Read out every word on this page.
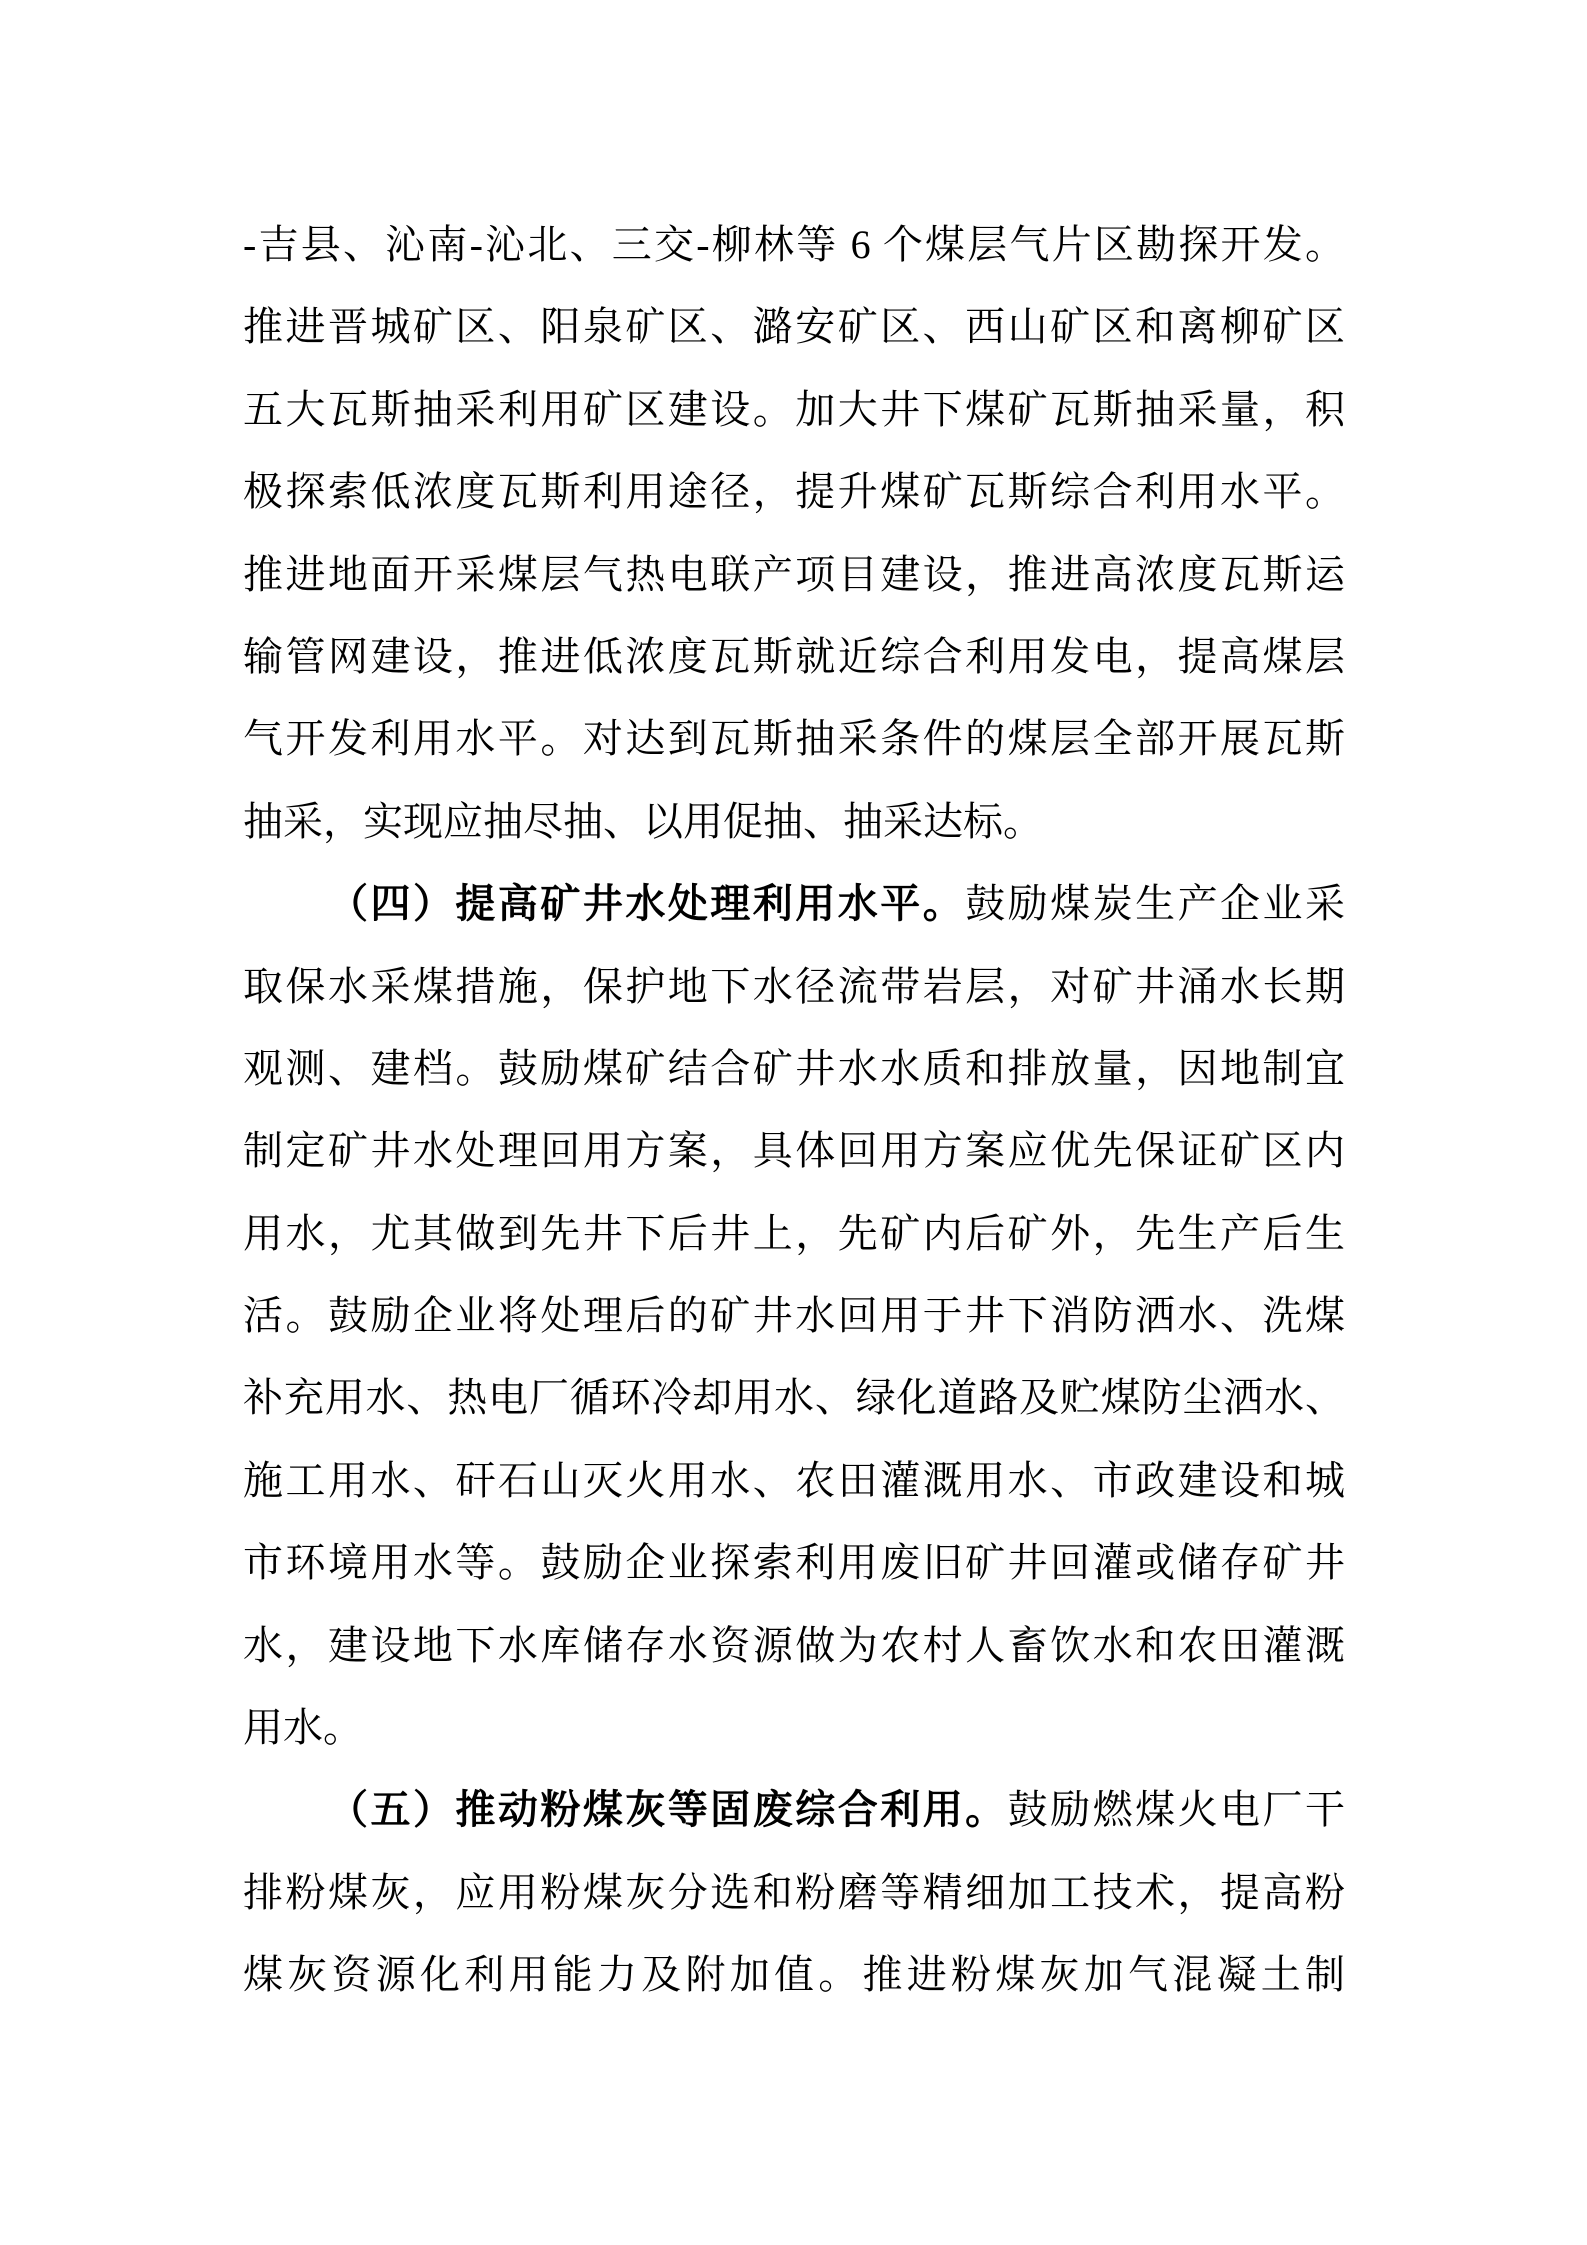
-吉县、沁南-沁北、三交-柳林等 6 个煤层气片区勘探开发。
推进晋城矿区、阳泉矿区、潞安矿区、西山矿区和离柳矿区
五大瓦斯抽采利用矿区建设。加大井下煤矿瓦斯抽采量，积
极探索低浓度瓦斯利用途径，提升煤矿瓦斯综合利用水平。
推进地面开采煤层气热电联产项目建设，推进高浓度瓦斯运
输管网建设，推进低浓度瓦斯就近综合利用发电，提高煤层
气开发利用水平。对达到瓦斯抽采条件的煤层全部开展瓦斯
抽采，实现应抽尽抽、以用促抽、抽采达标。
（四）提高矿井水处理利用水平。鼓励煤炭生产企业采
取保水采煤措施，保护地下水径流带岩层，对矿井涌水长期
观测、建档。鼓励煤矿结合矿井水水质和排放量，因地制宜
制定矿井水处理回用方案，具体回用方案应优先保证矿区内
用水，尤其做到先井下后井上，先矿内后矿外，先生产后生
活。鼓励企业将处理后的矿井水回用于井下消防洒水、洗煤
补充用水、热电厂循环冷却用水、绿化道路及贮煤防尘洒水、
施工用水、矸石山灭火用水、农田灌溉用水、市政建设和城
市环境用水等。鼓励企业探索利用废旧矿井回灌或储存矿井
水，建设地下水库储存水资源做为农村人畜饮水和农田灌溉
用水。
（五）推动粉煤灰等固废综合利用。鼓励燃煤火电厂干
排粉煤灰，应用粉煤灰分选和粉磨等精细加工技术，提高粉
煤灰资源化利用能力及附加值。推进粉煤灰加气混凝土制
